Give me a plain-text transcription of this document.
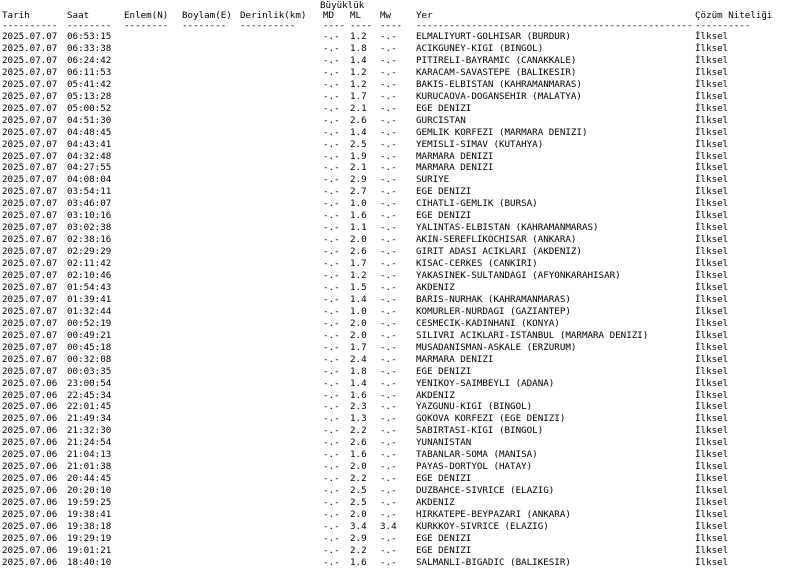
Büyüklük

Tarih	Saat	Enlem(N) Boylam(E) Derinlik(km) MD ML Mw	Yer	Çözüm Niteliği
---------- -------- -------- -------- ----------	---- ---- ---- -------------------------------------------------- ----------
2025.07.07 06:53:15	-.- 1.2 -.- ELMALIYURT-GOLHISAR (BURDUR)	İlksel
2025.07.07 06:33:38	-.- 1.8 -.- ACIKGUNEY-KIGI (BINGOL)	İlksel
2025.07.07 06:24:42	-.- 1.4 -.- PITIRELI-BAYRAMIC (CANAKKALE)	İlksel
2025.07.07 06:11:53	-.- 1.2 -.- KARACAM-SAVASTEPE (BALIKESIR)	İlksel
2025.07.07 05:41:42	-.- 1.2 -.- BAKIS-ELBISTAN (KAHRAMANMARAS)	İlksel
2025.07.07 05:13:28	-.- 1.7 -.- KURUCAOVA-DOGANSEHIR (MALATYA)	İlksel
2025.07.07 05:00:52	-.- 2.1 -.- EGE DENIZI	İlksel
2025.07.07 04:51:30	-.- 2.6 -.- GURCISTAN	İlksel
2025.07.07 04:48:45	-.- 1.4 -.- GEMLIK KORFEZI (MARMARA DENIZI)	İlksel
2025.07.07 04:43:41	-.- 2.5 -.- YEMISLI-SIMAV (KUTAHYA)	İlksel
2025.07.07 04:32:48	-.- 1.9 -.- MARMARA DENIZI	İlksel
2025.07.07 04:27:55	-.- 2.1 -.- MARMARA DENIZI	İlksel
2025.07.07 04:08:04	-.- 2.9 -.- SURIYE	İlksel
2025.07.07 03:54:11	-.- 2.7 -.- EGE DENIZI	İlksel
2025.07.07 03:46:07	-.- 1.0 -.- CIHATLI-GEMLIK (BURSA)	İlksel
2025.07.07 03:10:16	-.- 1.6 -.- EGE DENIZI	İlksel
2025.07.07 03:02:38	-.- 1.1 -.- YALINTAS-ELBISTAN (KAHRAMANMARAS)	İlksel
2025.07.07 02:38:16	-.- 2.0 -.- AKIN-SEREFLIKOCHISAR (ANKARA)	İlksel
2025.07.07 02:29:29	-.- 2.6 -.- GIRIT ADASI ACIKLARI (AKDENIZ)	İlksel
2025.07.07 02:11:42	-.- 1.7 -.- KISAC-CERKES (CANKIRI)	İlksel
2025.07.07 02:10:46	-.- 1.2 -.- YAKASINEK-SULTANDAGI (AFYONKARAHISAR)	İlksel
2025.07.07 01:54:43	-.- 1.5 -.- AKDENIZ	İlksel
2025.07.07 01:39:41	-.- 1.4 -.- BARIS-NURHAK (KAHRAMANMARAS)	İlksel
2025.07.07 01:32:44	-.- 1.0 -.- KOMURLER-NURDAGI (GAZIANTEP)	İlksel
2025.07.07 00:52:19	-.- 2.0 -.- CESMECIK-KADINHANI (KONYA)	İlksel
2025.07.07 00:49:21	-.- 2.0 -.- SILIVRI ACIKLARI-ISTANBUL (MARMARA DENIZI)	İlksel
2025.07.07 00:45:18	-.- 1.7 -.- MUSADANISMAN-ASKALE (ERZURUM)	İlksel
2025.07.07 00:32:08	-.- 2.4 -.- MARMARA DENIZI	İlksel
2025.07.07 00:03:35	-.- 1.8 -.- EGE DENIZI	İlksel
2025.07.06 23:00:54	-.- 1.4 -.- YENIKOY-SAIMBEYLI (ADANA)	İlksel
2025.07.06 22:45:34	-.- 1.6 -.- AKDENIZ	İlksel
2025.07.06 22:01:45	-.- 2.3 -.- YAZGUNU-KIGI (BINGOL)	İlksel
2025.07.06 21:49:34	-.- 1.3 -.- GOKOVA KORFEZI (EGE DENIZI)	İlksel
2025.07.06 21:32:30	-.- 2.2 -.- SABIRTASI-KIGI (BINGOL)	İlksel
2025.07.06 21:24:54	-.- 2.6 -.- YUNANISTAN	İlksel
2025.07.06 21:04:13	-.- 1.6 -.- TABANLAR-SOMA (MANISA)	İlksel
2025.07.06 21:01:38	-.- 2.0 -.- PAYAS-DORTYOL (HATAY)	İlksel
2025.07.06 20:44:45	-.- 2.2 -.- EGE DENIZI	İlksel
2025.07.06 20:20:10	-.- 2.5 -.- DUZBAHCE-SIVRICE (ELAZIG)	İlksel
2025.07.06 19:59:25	-.- 2.5 -.- AKDENIZ	İlksel
2025.07.06 19:38:41	-.- 2.0 -.- HIRKATEPE-BEYPAZARI (ANKARA)	İlksel
2025.07.06 19:38:18	-.- 3.4 3.4 KURKKOY-SIVRICE (ELAZIG)	İlksel
2025.07.06 19:29:19	-.- 2.9 -.- EGE DENIZI	İlksel
2025.07.06 19:01:21	-.- 2.2 -.- EGE DENIZI	İlksel
2025.07.06 18:40:10	-.- 1.6 -.- SALMANLI-BIGADIC (BALIKESIR)	İlksel
